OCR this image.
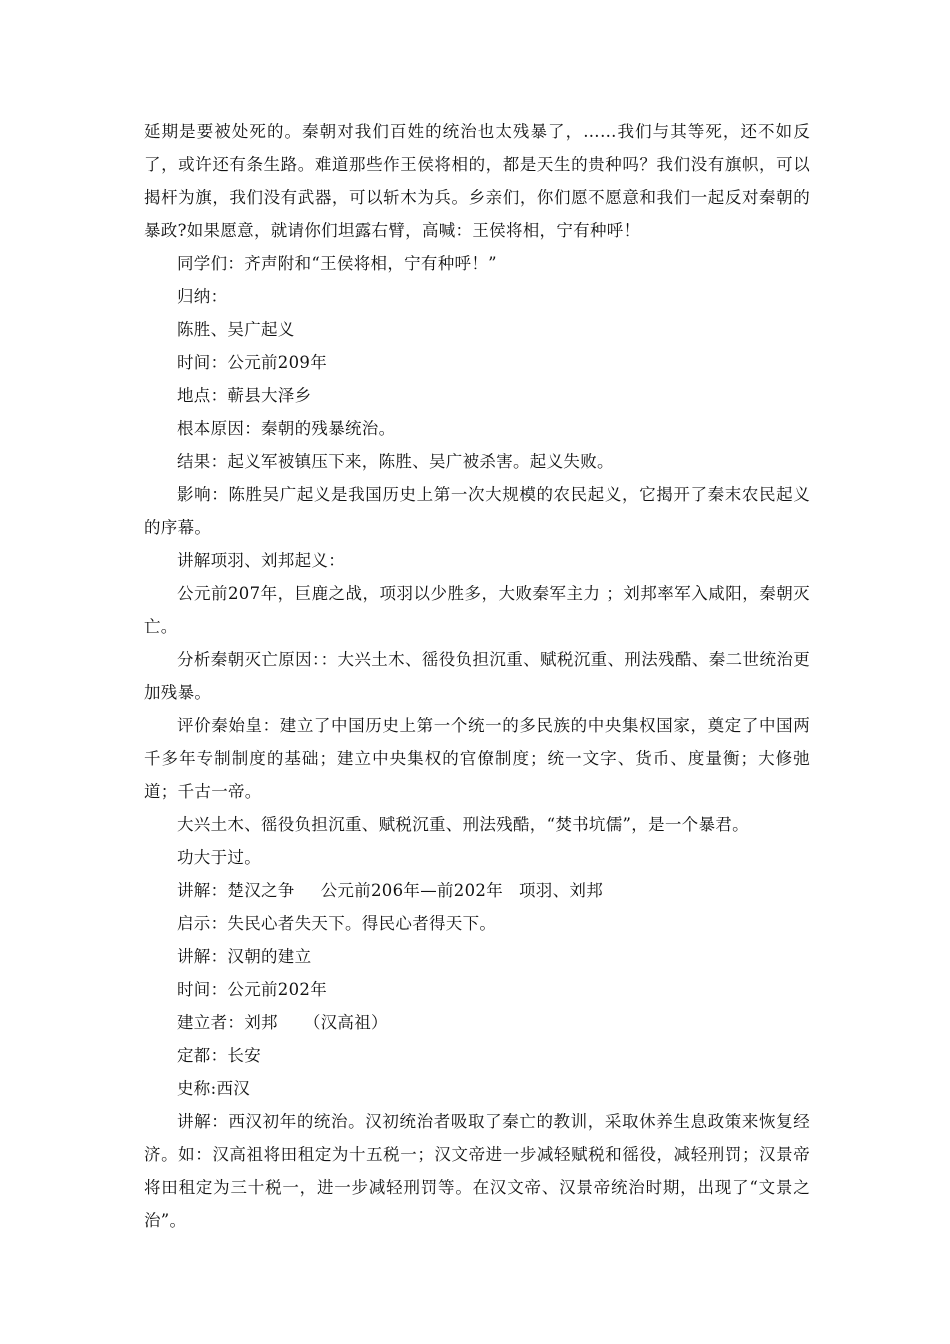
延期是要被处死的。秦朝对我们百姓的统治也太残暴了，……我们与其等死，还不如反了，或许还有条生路。难道那些作王侯将相的，都是天生的贵种吗？我们没有旗帜，可以揭杆为旗，我们没有武器，可以斩木为兵。乡亲们，你们愿不愿意和我们一起反对秦朝的暴政?如果愿意，就请你们坦露右臂，高喊：王侯将相，宁有种呼！

同学们：齐声附和“王侯将相，宁有种呼！”

归纳：

陈胜、吴广起义

时间：公元前209年

地点：蕲县大泽乡

根本原因：秦朝的残暴统治。

结果：起义军被镇压下来，陈胜、吴广被杀害。起义失败。

影响：陈胜吴广起义是我国历史上第一次大规模的农民起义，它揭开了秦末农民起义的序幕。

讲解项羽、刘邦起义：

公元前207年，巨鹿之战，项羽以少胜多，大败秦军主力 ；刘邦率军入咸阳，秦朝灭亡。

分析秦朝灭亡原因：：大兴土木、徭役负担沉重、赋税沉重、刑法残酷、秦二世统治更加残暴。

评价秦始皇：建立了中国历史上第一个统一的多民族的中央集权国家，奠定了中国两千多年专制制度的基础；建立中央集权的官僚制度；统一文字、货币、度量衡；大修弛道；千古一帝。

大兴土木、徭役负担沉重、赋税沉重、刑法残酷，“焚书坑儒”，是一个暴君。

功大于过。

讲解：楚汉之争 公元前206年—前202年 项羽、刘邦

启示：失民心者失天下。得民心者得天下。

讲解：汉朝的建立

时间：公元前202年

建立者：刘邦 （汉高祖）

定都：长安

史称:西汉

讲解：西汉初年的统治。汉初统治者吸取了秦亡的教训，采取休养生息政策来恢复经济。如：汉高祖将田租定为十五税一；汉文帝进一步减轻赋税和徭役，减轻刑罚；汉景帝将田租定为三十税一，进一步减轻刑罚等。在汉文帝、汉景帝统治时期，出现了“文景之治”。
